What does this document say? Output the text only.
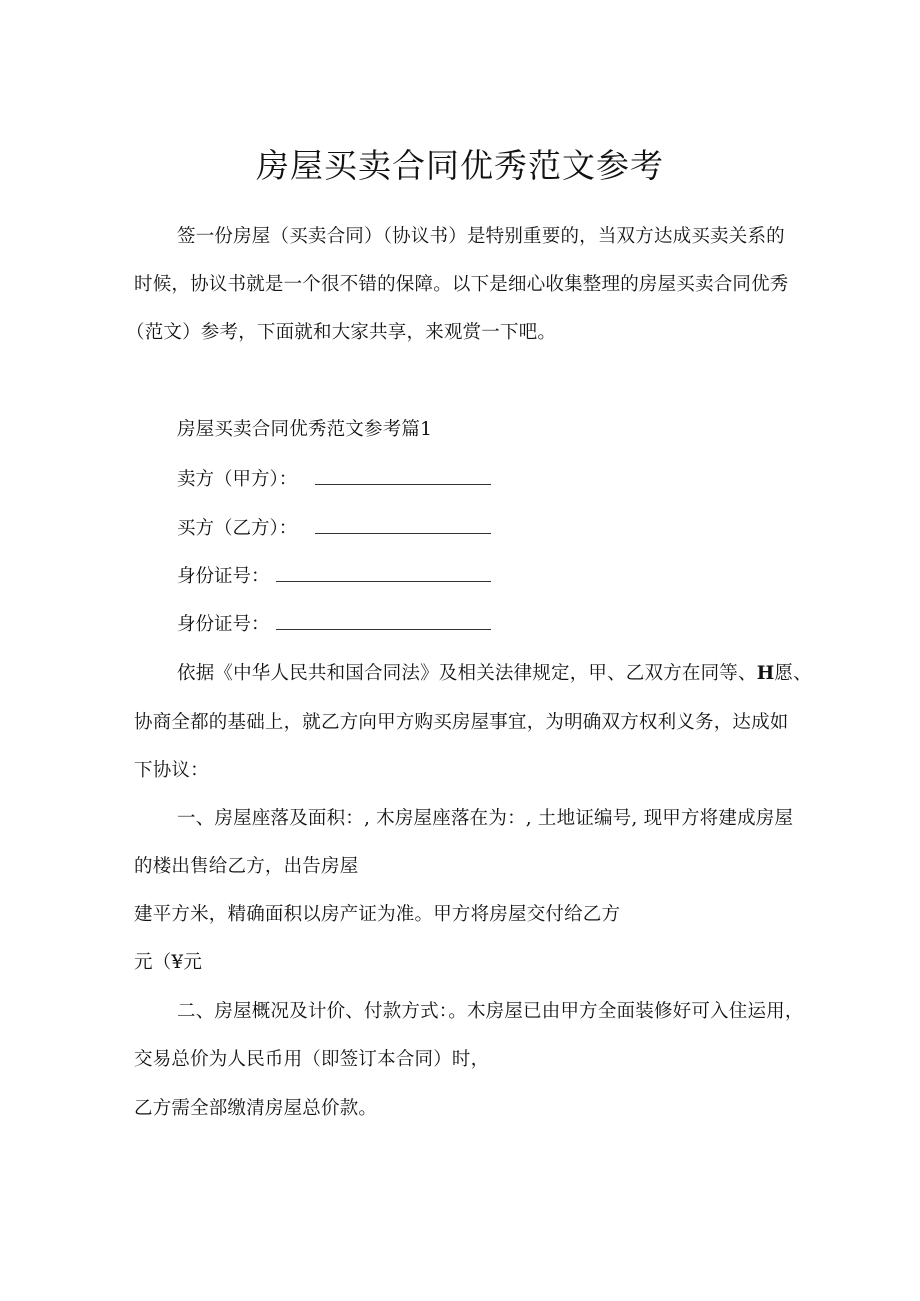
房屋买卖合同优秀范文参考

签一份房屋（买卖合同）（协议书）是特别重要的，当双方达成买卖关系的

时候，协议书就是一个很不错的保障。以下是细心收集整理的房屋买卖合同优秀

（范文）参考，下面就和大家共享，来观赏一下吧。

房屋买卖合同优秀范文参考篇1

卖方（甲方）：

买方（乙方）：

身份证号：

身份证号：

依据《中华人民共和国合同法》及相关法律规定，甲、乙双方在同等、H愿、

协商全都的基础上，就乙方向甲方购买房屋事宜，为明确双方权利义务，达成如

下协议：

一、房屋座落及面积：, 木房屋座落在为：, 土地证编号, 现甲方将建成房屋

的楼出售给乙方，出告房屋

建平方米，精确面积以房产证为准。甲方将房屋交付给乙方

元（¥元

二、房屋概况及计价、付款方式：。木房屋已由甲方全面装修好可入住运用，

交易总价为人民币用（即签订本合同）时，

乙方需全部缴清房屋总价款。
